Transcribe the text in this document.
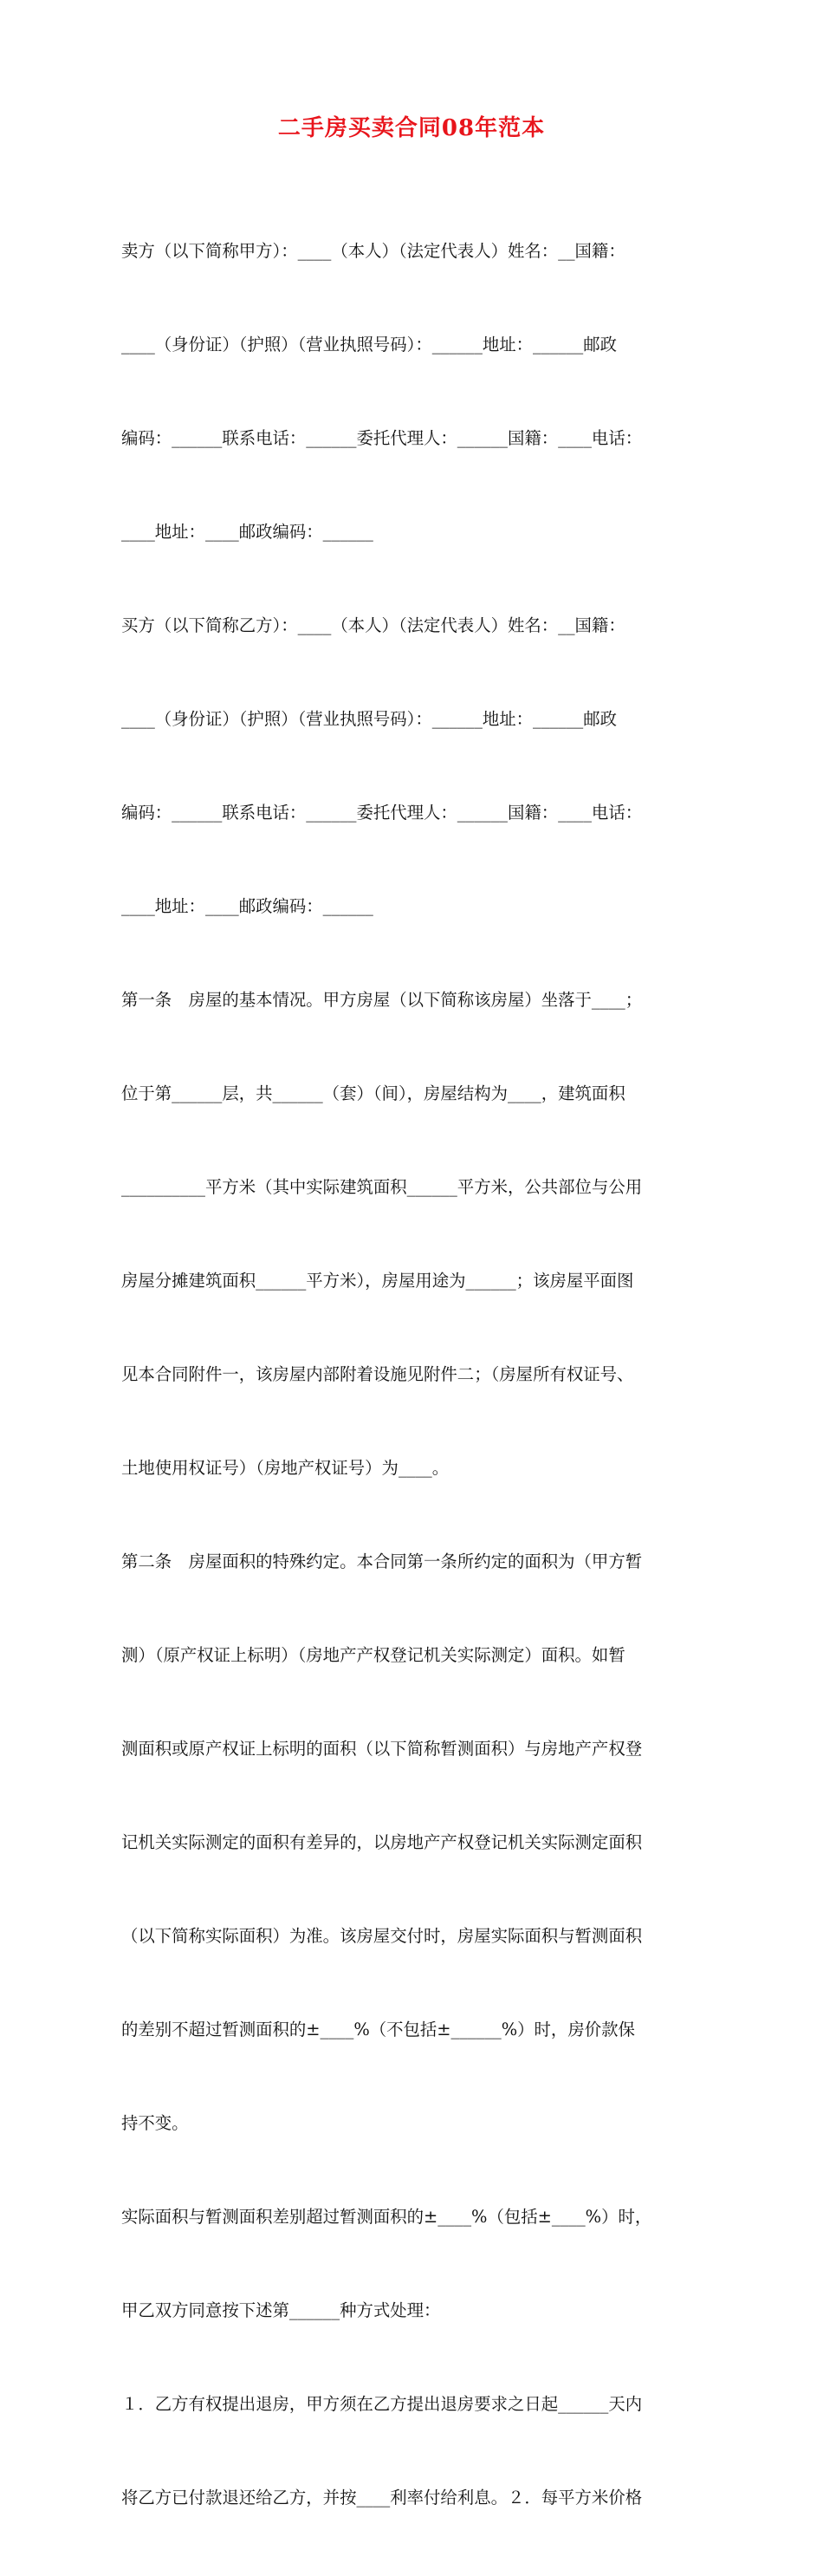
二手房买卖合同08年范本

卖方（以下简称甲方）：____（本人）（法定代表人）姓名：__国籍：

____（身份证）（护照）（营业执照号码）：______地址：______邮政

编码：______联系电话：______委托代理人：______国籍：____电话：

____地址：____邮政编码：______

买方（以下简称乙方）：____（本人）（法定代表人）姓名：__国籍：

____（身份证）（护照）（营业执照号码）：______地址：______邮政

编码：______联系电话：______委托代理人：______国籍：____电话：

____地址：____邮政编码：______

第一条　房屋的基本情况。甲方房屋（以下简称该房屋）坐落于____；

位于第______层，共______（套）（间），房屋结构为____，建筑面积

__________平方米（其中实际建筑面积______平方米，公共部位与公用

房屋分摊建筑面积______平方米），房屋用途为______；该房屋平面图

见本合同附件一，该房屋内部附着设施见附件二；（房屋所有权证号、

土地使用权证号）（房地产权证号）为____。

第二条　房屋面积的特殊约定。本合同第一条所约定的面积为（甲方暂

测）（原产权证上标明）（房地产产权登记机关实际测定）面积。如暂

测面积或原产权证上标明的面积（以下简称暂测面积）与房地产产权登

记机关实际测定的面积有差异的，以房地产产权登记机关实际测定面积

（以下简称实际面积）为准。该房屋交付时，房屋实际面积与暂测面积

的差别不超过暂测面积的±____%（不包括±______%）时，房价款保

持不变。

实际面积与暂测面积差别超过暂测面积的±____%（包括±____%）时，

甲乙双方同意按下述第______种方式处理：

１．乙方有权提出退房，甲方须在乙方提出退房要求之日起______天内

将乙方已付款退还给乙方，并按____利率付给利息。２．每平方米价格
